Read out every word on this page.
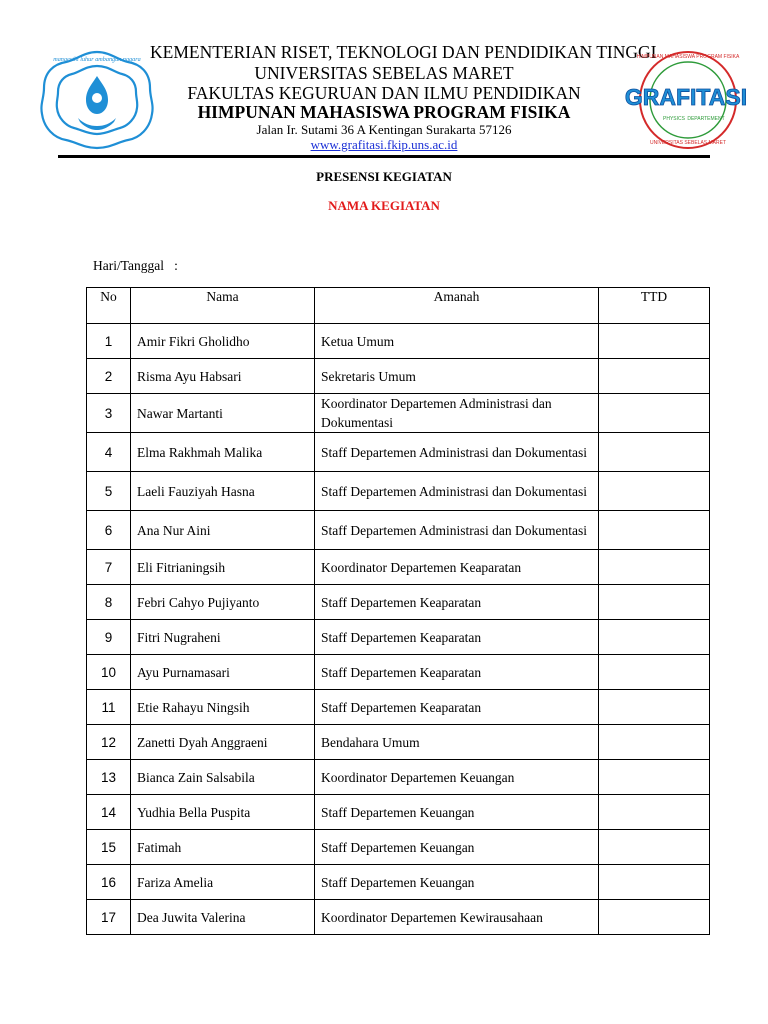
mangesthi luhur ambangun nagara KEMENTERIAN RISET, TEKNOLOGI DAN PENDIDIKAN TINGGI
UNIVERSITAS SEBELAS MARET
FAKULTAS KEGURUAN DAN ILMU PENDIDIKAN
HIMPUNAN MAHASISWA PROGRAM FISIKA
Jalan Ir. Sutami 36 A Kentingan Surakarta 57126
www.grafitasi.fkip.uns.ac.id
HIMPUNAN MAHASISWA PROGRAM FISIKA
GRAFITASI
PHYSICS DEPARTEMENT
UNIVERSITAS SEBELAS MARET
PRESENSI KEGIATAN
NAMA KEGIATAN
Hari/Tanggal   :
No	Nama	Amanah	TTD
1	Amir Fikri Gholidho	Ketua Umum	
2	Risma Ayu Habsari	Sekretaris Umum	
3	Nawar Martanti	Koordinator Departemen Administrasi dan Dokumentasi	
4	Elma Rakhmah Malika	Staff Departemen Administrasi dan Dokumentasi	
5	Laeli Fauziyah Hasna	Staff Departemen Administrasi dan Dokumentasi	
6	Ana Nur Aini	Staff Departemen Administrasi dan Dokumentasi	
7	Eli Fitrianingsih	Koordinator Departemen Keaparatan	
8	Febri Cahyo Pujiyanto	Staff Departemen Keaparatan	
9	Fitri Nugraheni	Staff Departemen Keaparatan	
10	Ayu Purnamasari	Staff Departemen Keaparatan	
11	Etie Rahayu Ningsih	Staff Departemen Keaparatan	
12	Zanetti Dyah Anggraeni	Bendahara Umum	
13	Bianca Zain Salsabila	Koordinator Departemen Keuangan	
14	Yudhia Bella Puspita	Staff Departemen Keuangan	
15	Fatimah	Staff Departemen Keuangan	
16	Fariza Amelia	Staff Departemen Keuangan	
17	Dea Juwita Valerina	Koordinator Departemen Kewirausahaan	
